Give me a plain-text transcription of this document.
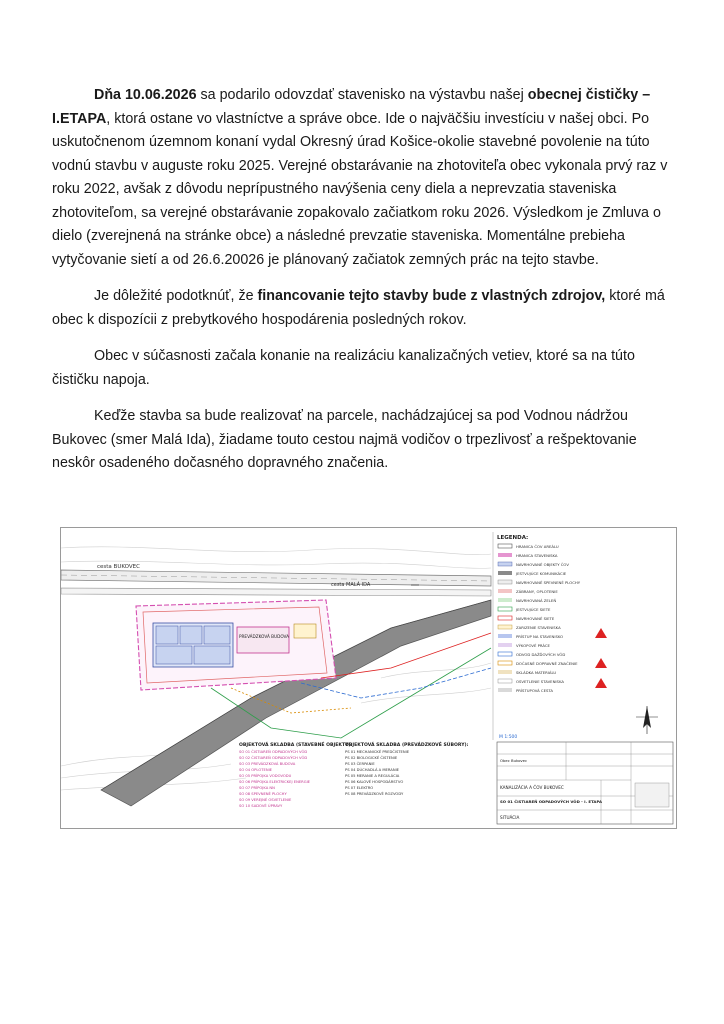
Dňa 10.06.2026 sa podarilo odovzdať stavenisko na výstavbu našej obecnej čističky – I.ETAPA, ktorá ostane vo vlastníctve a správe obce. Ide o najväčšiu investíciu v našej obci. Po uskutočnenom územnom konaní vydal Okresný úrad Košice-okolie stavebné povolenie na túto vodnú stavbu v auguste roku 2025. Verejné obstarávanie na zhotoviteľa obec vykonala prvý raz v roku 2022, avšak z dôvodu neprípustného navýšenia ceny diela a neprevzatia staveniska zhotoviteľom, sa verejné obstarávanie zopakovalo začiatkom roku 2026. Výsledkom je Zmluva o dielo (zverejnená na stránke obce) a následné prevzatie staveniska. Momentálne prebieha vytyčovanie sietí a od 26.6.20026 je plánovaný začiatok zemných prác na tejto stavbe.

Je dôležité podotknúť, že financovanie tejto stavby bude z vlastných zdrojov, ktoré má obec k dispozícii z prebytkového hospodárenia posledných rokov.

Obec v súčasnosti začala konanie na realizáciu kanalizačných vetiev, ktoré sa na túto čističku napoja.

Keďže stavba sa bude realizovať na parcele, nachádzajúcej sa pod Vodnou nádržou Bukovec (smer Malá Ida), žiadame touto cestou najmä vodičov o trpezlivosť a rešpektovanie neskôr osadeného dočasného dopravného značenia.

cesta BUKOVEC
cesta MALÁ IDA
PREVÁDZKOVÁ BUDOVA
OBJEKTOVÁ SKLADBA (STAVEBNÉ OBJEKTY):
SO 01 ČISTIAREŇ ODPADOVÝCH VÔD
SO 02 ČISTIAREŇ ODPADOVÝCH VÔD
SO 03 PREVÁDZKOVÁ BUDOVA
SO 04 OPLOTENIE
SO 05 PRÍPOJKA VODOVODU
SO 06 PRÍPOJKA ELEKTRICKEJ ENERGIE
SO 07 PRÍPOJKA NN
SO 08 SPEVNENÉ PLOCHY
SO 09 VEREJNÉ OSVETLENIE
SO 10 SADOVÉ ÚPRAVY
OBJEKTOVÁ SKLADBA (PREVÁDZKOVÉ SÚBORY):
PS 01 MECHANICKÉ PREDČISTENIE
PS 02 BIOLOGICKÉ ČISTENIE
PS 03 ČERPANIE
PS 04 DÚCHADLÁ A MERANIE
PS 05 MERANIE A REGULÁCIA
PS 06 KALOVÉ HOSPODÁRSTVO
PS 07 ELEKTRO
PS 08 PREVÁDZKOVÉ ROZVODY
LEGENDA:
HRANICA ČOV AREÁLU
HRANICA STAVENISKA
NAVRHOVANÉ OBJEKTY ČOV
JESTVUJÚCE KOMUNIKÁCIE
NAVRHOVANÉ SPEVNENÉ PLOCHY
ZÁBRANY, OPLOTENIE
NAVRHOVANÁ ZELEŇ
JESTVUJÚCE SIETE
NAVRHOVANÉ SIETE
ZARIZENIE STAVENISKA
PRÍSTUP NA STAVENISKO
VÝKOPOVÉ PRÁCE
ODVOD DAŽĎOVÝCH VÔD
DOČASNÉ DOPRAVNÉ ZNAČENIE
SKLÁDKA MATERIÁLU
OSVETLENIE STAVENISKA
PRÍSTUPOVÁ CESTA
M 1:500
KANALIZÁCIA A ČOV BUKOVEC
SO 01 ČISTIAREŇ ODPADOVÝCH VÔD - I. ETAPA
SITUÁCIA
Obec Bukovec
